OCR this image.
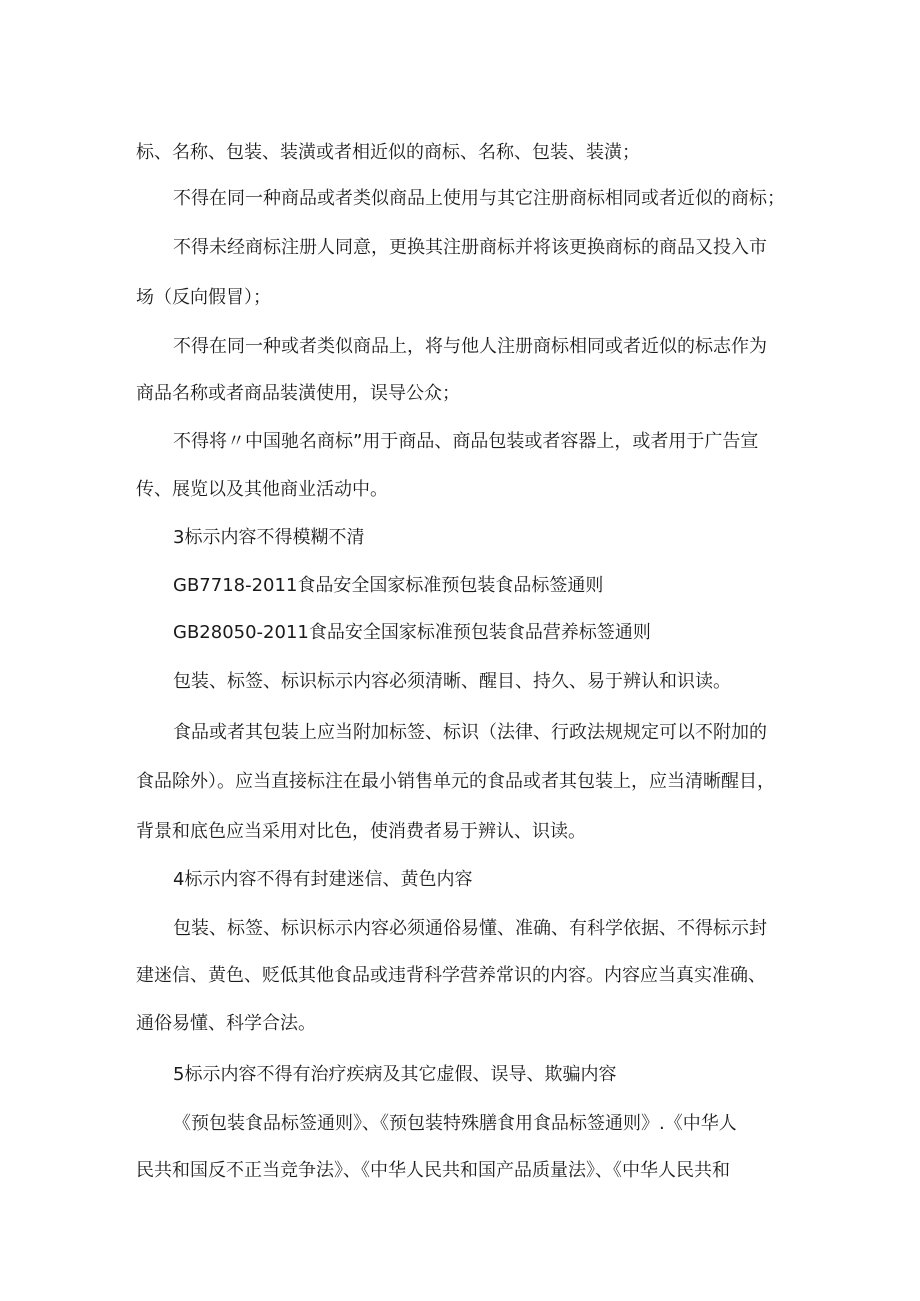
标、名称、包装、装潢或者相近似的商标、名称、包装、装潢；

不得在同一种商品或者类似商品上使用与其它注册商标相同或者近似的商标；

不得未经商标注册人同意，更换其注册商标并将该更换商标的商品又投入市

场（反向假冒）；

不得在同一种或者类似商品上，将与他人注册商标相同或者近似的标志作为

商品名称或者商品装潢使用，误导公众；

不得将〃中国驰名商标”用于商品、商品包装或者容器上，或者用于广告宣

传、展览以及其他商业活动中。

3标示内容不得模糊不清

GB7718-2011食品安全国家标准预包装食品标签通则

GB28050-2011食品安全国家标准预包装食品营养标签通则

包装、标签、标识标示内容必须清晰、醒目、持久、易于辨认和识读。

食品或者其包装上应当附加标签、标识（法律、行政法规规定可以不附加的

食品除外）。应当直接标注在最小销售单元的食品或者其包装上，应当清晰醒目，

背景和底色应当采用对比色，使消费者易于辨认、识读。

4标示内容不得有封建迷信、黄色内容

包装、标签、标识标示内容必须通俗易懂、准确、有科学依据、不得标示封

建迷信、黄色、贬低其他食品或违背科学营养常识的内容。内容应当真实准确、

通俗易懂、科学合法。

5标示内容不得有治疗疾病及其它虚假、误导、欺骗内容

《预包装食品标签通则》、《预包装特殊膳食用食品标签通则》.《中华人

民共和国反不正当竞争法》、《中华人民共和国产品质量法》、《中华人民共和
